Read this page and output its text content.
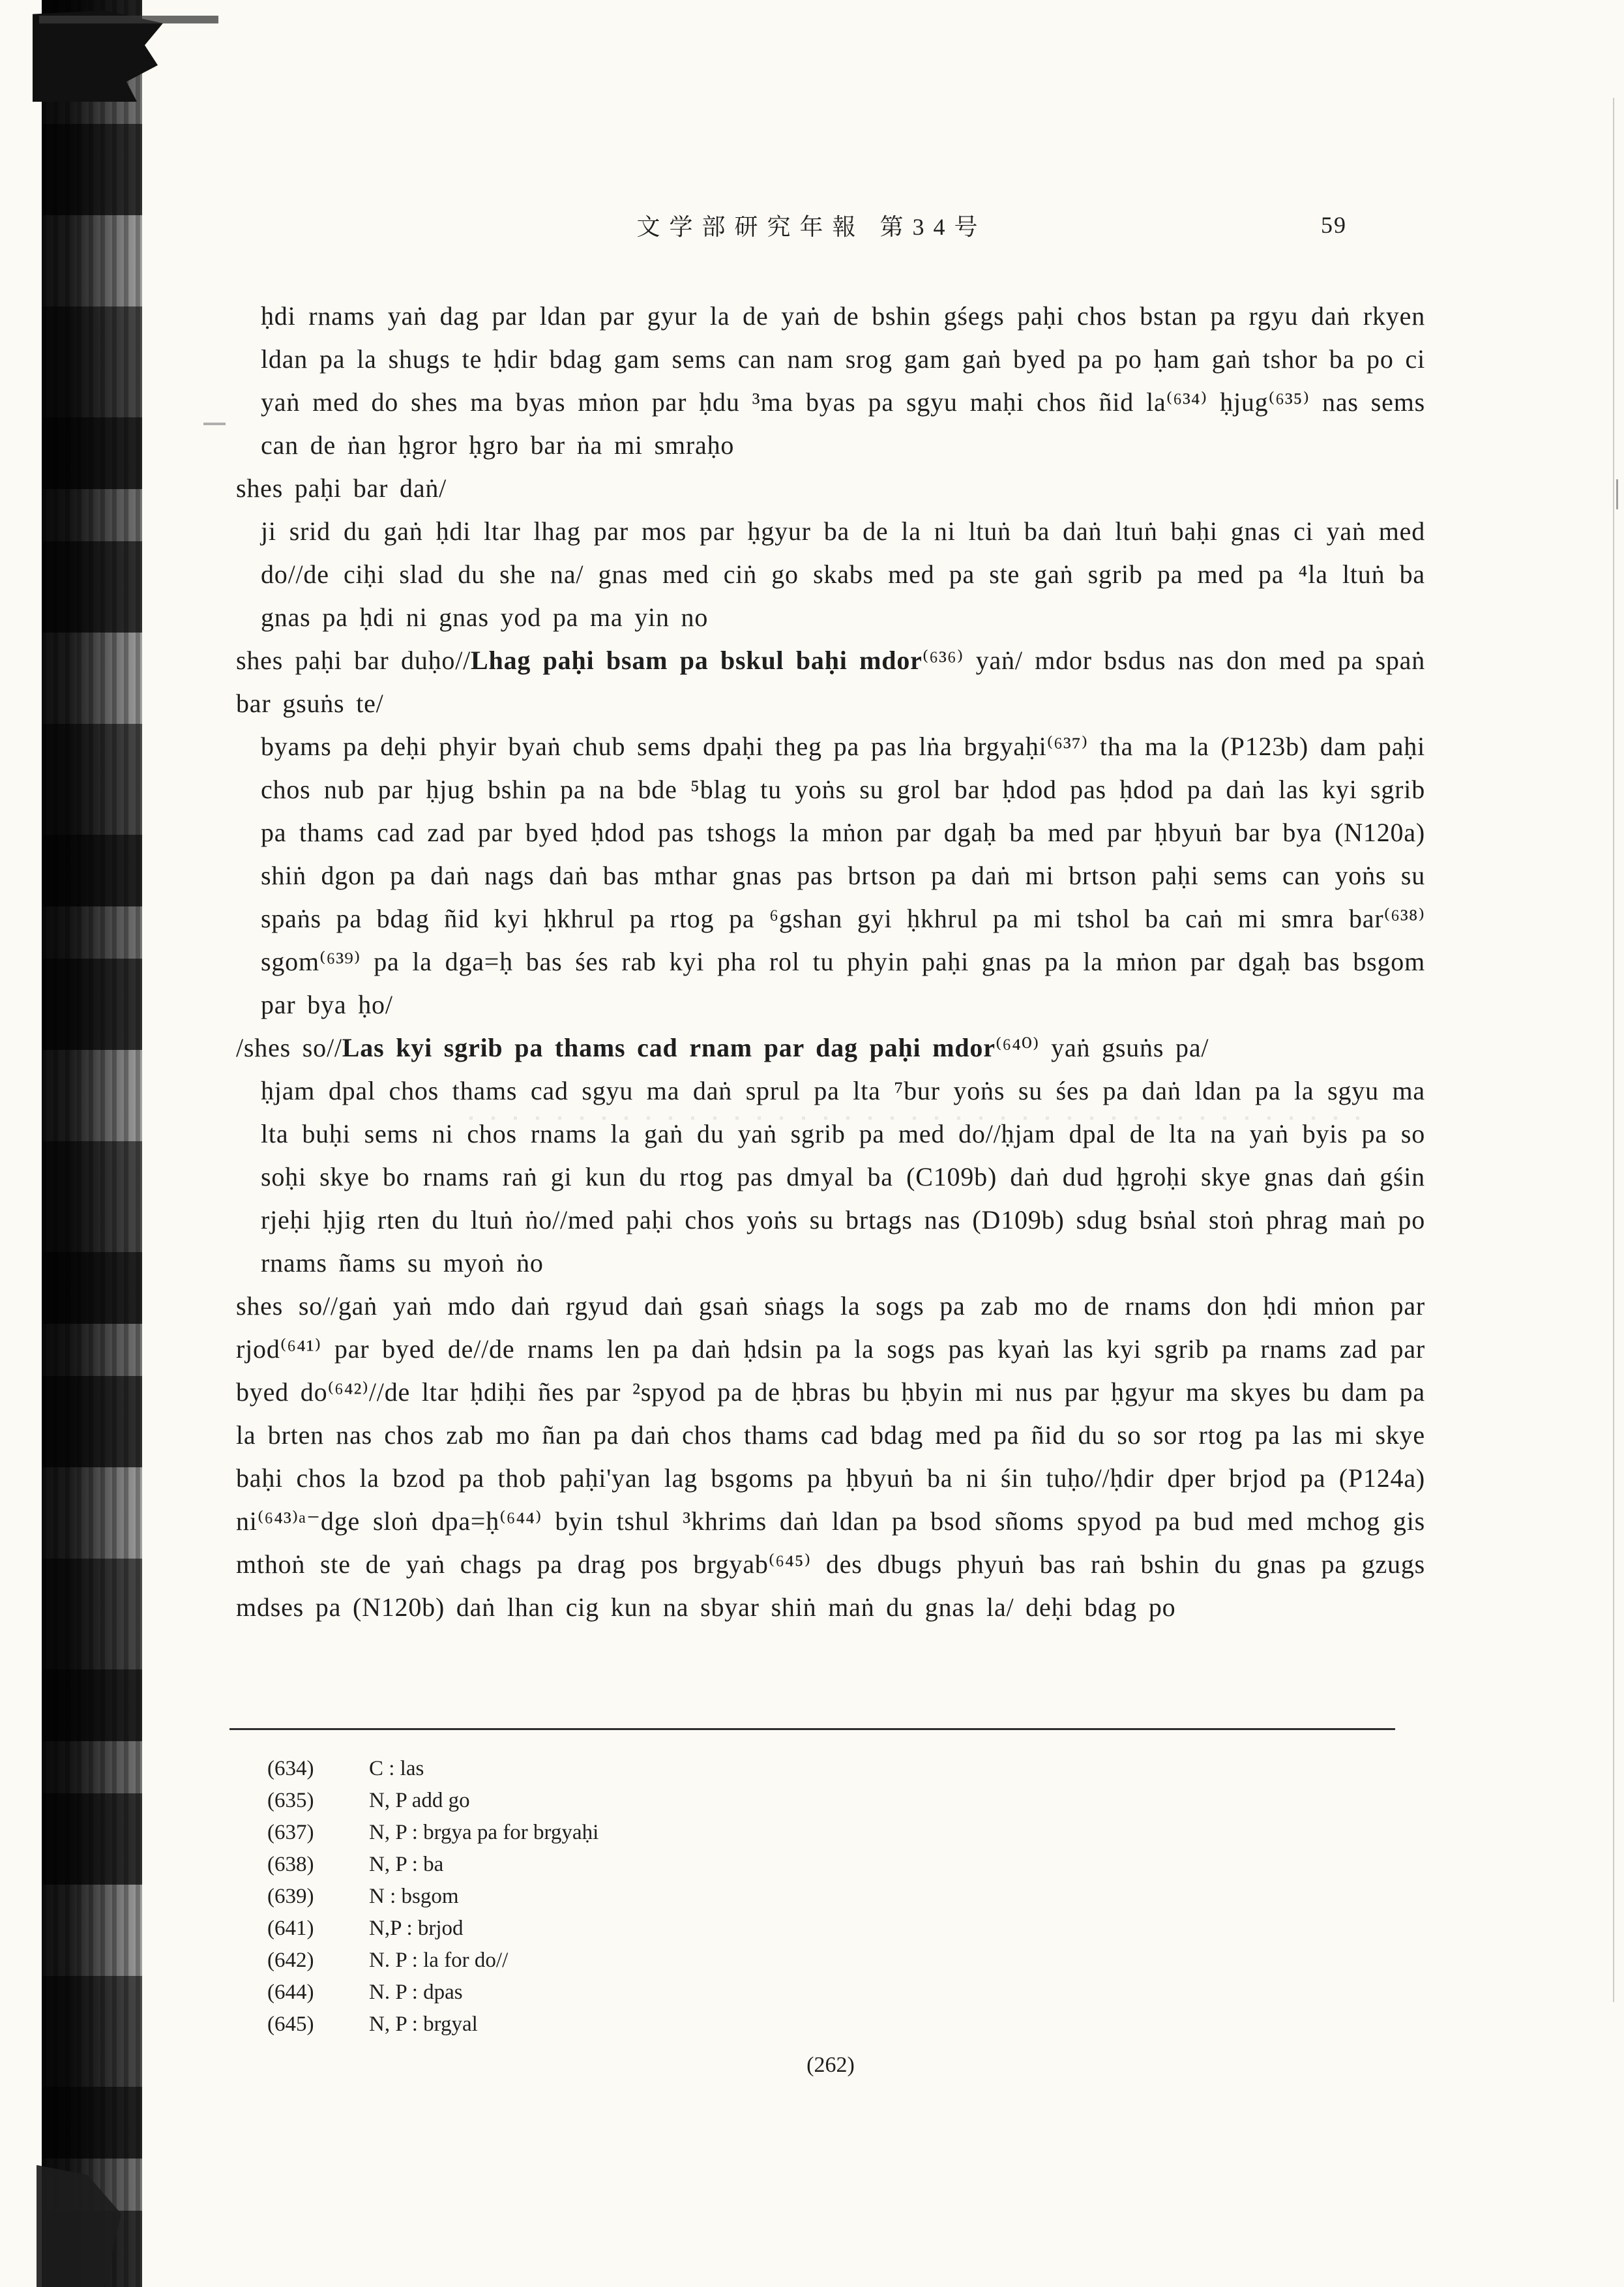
文学部研究年報 第34号	59

ḥdi rnams yaṅ dag par ldan par gyur la de yaṅ de bshin gśegs paḥi chos bstan pa rgyu daṅ rkyen ldan pa la shugs te ḥdir bdag gam sems can nam srog gam gaṅ byed pa po ḥam gaṅ tshor ba po ci yaṅ med do shes ma byas mṅon par ḥdu ³ma byas pa sgyu maḥi chos ñid la⁽⁶³⁴⁾ ḥjug⁽⁶³⁵⁾ nas sems can de ṅan ḥgror ḥgro bar ṅa mi smraḥo

shes paḥi bar daṅ/

ji srid du gaṅ ḥdi ltar lhag par mos par ḥgyur ba de la ni ltuṅ ba daṅ ltuṅ baḥi gnas ci yaṅ med do//de ciḥi slad du she na/ gnas med ciṅ go skabs med pa ste gaṅ sgrib pa med pa ⁴la ltuṅ ba gnas pa ḥdi ni gnas yod pa ma yin no

shes paḥi bar duḥo//Lhag paḥi bsam pa bskul baḥi mdor⁽⁶³⁶⁾ yaṅ/ mdor bsdus nas don med pa spaṅ bar gsuṅs te/

byams pa deḥi phyir byaṅ chub sems dpaḥi theg pa pas lṅa brgyaḥi⁽⁶³⁷⁾ tha ma la (P123b) dam paḥi chos nub par ḥjug bshin pa na bde ⁵blag tu yoṅs su grol bar ḥdod pas ḥdod pa daṅ las kyi sgrib pa thams cad zad par byed ḥdod pas tshogs la mṅon par dgaḥ ba med par ḥbyuṅ bar bya (N120a) shiṅ dgon pa daṅ nags daṅ bas mthar gnas pas brtson pa daṅ mi brtson paḥi sems can yoṅs su spaṅs pa bdag ñid kyi ḥkhrul pa rtog pa ⁶gshan gyi ḥkhrul pa mi tshol ba caṅ mi smra bar⁽⁶³⁸⁾ sgom⁽⁶³⁹⁾ pa la dga=ḥ bas śes rab kyi pha rol tu phyin paḥi gnas pa la mṅon par dgaḥ bas bsgom par bya ḥo/

/shes so//Las kyi sgrib pa thams cad rnam par dag paḥi mdor⁽⁶⁴⁰⁾ yaṅ gsuṅs pa/

ḥjam dpal chos thams cad sgyu ma daṅ sprul pa lta ⁷bur yoṅs su śes pa daṅ ldan pa la sgyu ma lta buḥi sems ni chos rnams la gaṅ du yaṅ sgrib pa med do//ḥjam dpal de lta na yaṅ byis pa so soḥi skye bo rnams raṅ gi kun du rtog pas dmyal ba (C109b) daṅ dud ḥgroḥi skye gnas daṅ gśin rjeḥi ḥjig rten du ltuṅ ṅo//med paḥi chos yoṅs su brtags nas (D109b) sdug bsṅal stoṅ phrag maṅ po rnams ñams su myoṅ ṅo

shes so//gaṅ yaṅ mdo daṅ rgyud daṅ gsaṅ sṅags la sogs pa zab mo de rnams don ḥdi mṅon par rjod⁽⁶⁴¹⁾ par byed de//de rnams len pa daṅ ḥdsin pa la sogs pas kyaṅ las kyi sgrib pa rnams zad par byed do⁽⁶⁴²⁾//de ltar ḥdiḥi ñes par ²spyod pa de ḥbras bu ḥbyin mi nus par ḥgyur ma skyes bu dam pa la brten nas chos zab mo ñan pa daṅ chos thams cad bdag med pa ñid du so sor rtog pa las mi skye baḥi chos la bzod pa thob paḥi'yan lag bsgoms pa ḥbyuṅ ba ni śin tuḥo//ḥdir dper brjod pa (P124a) ni⁽⁶⁴³⁾ᵃ⁻dge sloṅ dpa=ḥ⁽⁶⁴⁴⁾ byin tshul ³khrims daṅ ldan pa bsod sñoms spyod pa bud med mchog gis mthoṅ ste de yaṅ chags pa drag pos brgyab⁽⁶⁴⁵⁾ des dbugs phyuṅ bas raṅ bshin du gnas pa gzugs mdses pa (N120b) daṅ lhan cig kun na sbyar shiṅ maṅ du gnas la/ deḥi bdag po

(634)	C : las
(635)	N, P add go
(637)	N, P : brgya pa for brgyaḥi
(638)	N, P : ba
(639)	N : bsgom
(641)	N,P : brjod
(642)	N. P : la for do//
(644)	N. P : dpas
(645)	N, P : brgyal
(262)
